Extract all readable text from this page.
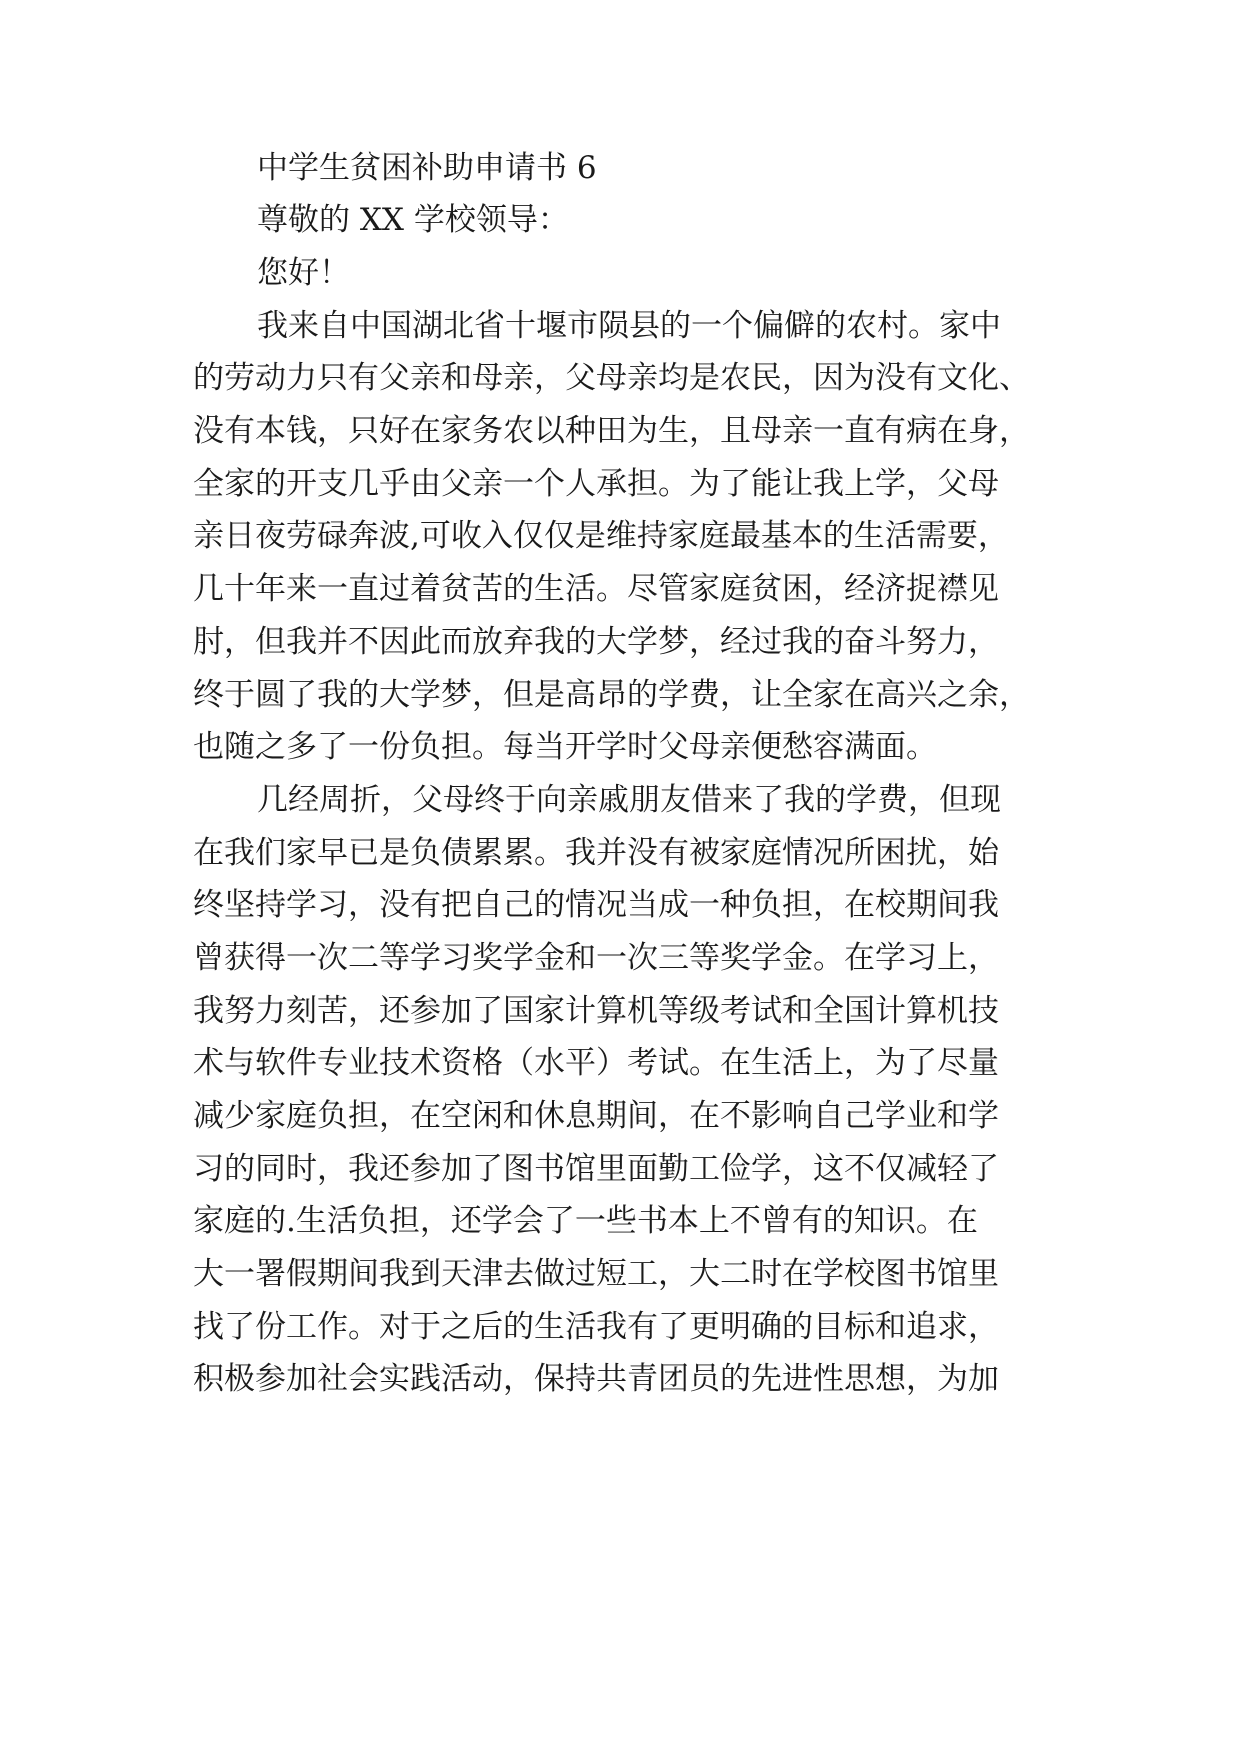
中学生贫困补助申请书 6
尊敬的 XX 学校领导：
您好！
我来自中国湖北省十堰市陨县的一个偏僻的农村。家中
的劳动力只有父亲和母亲，父母亲均是农民，因为没有文化、
没有本钱，只好在家务农以种田为生，且母亲一直有病在身，
全家的开支几乎由父亲一个人承担。为了能让我上学，父母
亲日夜劳碌奔波,可收入仅仅是维持家庭最基本的生活需要，
几十年来一直过着贫苦的生活。尽管家庭贫困，经济捉襟见
肘，但我并不因此而放弃我的大学梦，经过我的奋斗努力，
终于圆了我的大学梦，但是高昂的学费，让全家在高兴之余，
也随之多了一份负担。每当开学时父母亲便愁容满面。
几经周折，父母终于向亲戚朋友借来了我的学费，但现
在我们家早已是负债累累。我并没有被家庭情况所困扰，始
终坚持学习，没有把自己的情况当成一种负担，在校期间我
曾获得一次二等学习奖学金和一次三等奖学金。在学习上，
我努力刻苦，还参加了国家计算机等级考试和全国计算机技
术与软件专业技术资格（水平）考试。在生活上，为了尽量
减少家庭负担，在空闲和休息期间，在不影响自己学业和学
习的同时，我还参加了图书馆里面勤工俭学，这不仅减轻了
家庭的.生活负担，还学会了一些书本上不曾有的知识。在
大一署假期间我到天津去做过短工，大二时在学校图书馆里
找了份工作。对于之后的生活我有了更明确的目标和追求，
积极参加社会实践活动，保持共青团员的先进性思想，为加
